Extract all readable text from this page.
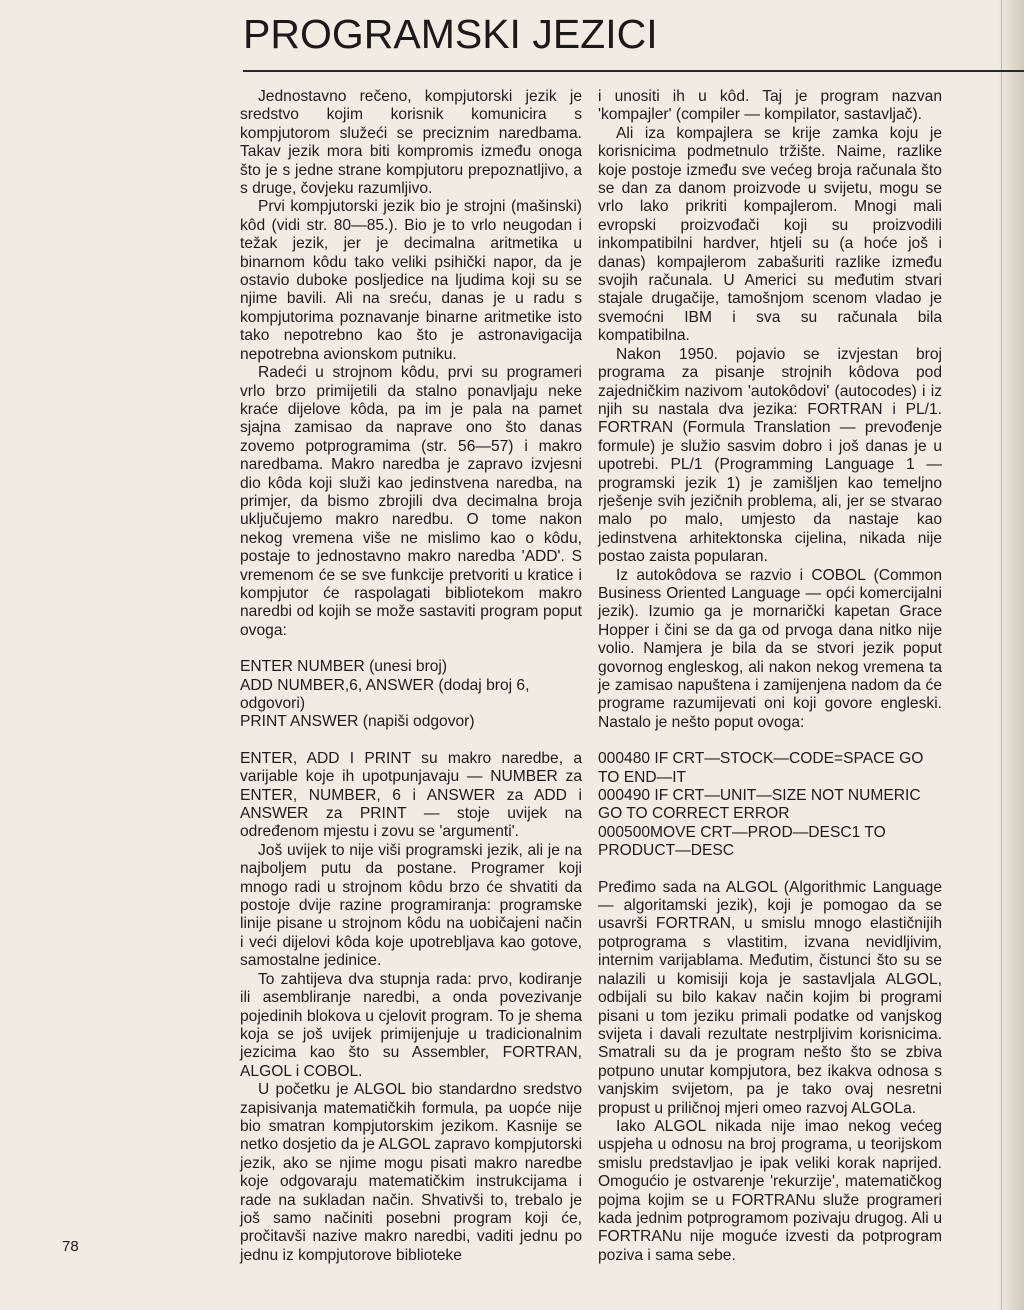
PROGRAMSKI JEZICI

Jednostavno rečeno, kompjutorski jezik je sredstvo kojim korisnik komunicira s kompjutorom služeći se preciznim naredbama. Takav jezik mora biti kompromis između onoga što je s jedne strane kompjutoru prepoznatljivo, a s druge, čovjeku razumljivo.

Prvi kompjutorski jezik bio je strojni (mašinski) kôd (vidi str. 80—85.). Bio je to vrlo neugodan i težak jezik, jer je decimalna aritmetika u binarnom kôdu tako veliki psihički napor, da je ostavio duboke posljedice na ljudima koji su se njime bavili. Ali na sreću, danas je u radu s kompjutorima poznavanje binarne aritmetike isto tako nepotrebno kao što je astronavigacija nepotrebna avionskom putniku.

Radeći u strojnom kôdu, prvi su programeri vrlo brzo primijetili da stalno ponavljaju neke kraće dijelove kôda, pa im je pala na pamet sjajna zamisao da naprave ono što danas zovemo potprogramima (str. 56—57) i makro naredbama. Makro naredba je zapravo izvjesni dio kôda koji služi kao jedinstvena naredba, na primjer, da bismo zbrojili dva decimalna broja uključujemo makro naredbu. O tome nakon nekog vremena više ne mislimo kao o kôdu, postaje to jednostavno makro naredba 'ADD'. S vremenom će se sve funkcije pretvoriti u kratice i kompjutor će raspolagati bibliotekom makro naredbi od kojih se može sastaviti program poput ovoga:

ENTER NUMBER (unesi broj)
ADD NUMBER,6, ANSWER (dodaj broj 6, odgovori)
PRINT ANSWER (napiši odgovor)

ENTER, ADD I PRINT su makro naredbe, a varijable koje ih upotpunjavaju — NUMBER za ENTER, NUMBER, 6 i ANSWER za ADD i ANSWER za PRINT — stoje uvijek na određenom mjestu i zovu se 'argumenti'.

Još uvijek to nije viši programski jezik, ali je na najboljem putu da postane. Programer koji mnogo radi u strojnom kôdu brzo će shvatiti da postoje dvije razine programiranja: programske linije pisane u strojnom kôdu na uobičajeni način i veći dijelovi kôda koje upotrebljava kao gotove, samostalne jedinice.

To zahtijeva dva stupnja rada: prvo, kodiranje ili asembliranje naredbi, a onda povezivanje pojedinih blokova u cjelovit program. To je shema koja se još uvijek primijenjuje u tradicionalnim jezicima kao što su Assembler, FORTRAN, ALGOL i COBOL.

U početku je ALGOL bio standardno sredstvo zapisivanja matematičkih formula, pa uopće nije bio smatran kompjutorskim jezikom. Kasnije se netko dosjetio da je ALGOL zapravo kompjutorski jezik, ako se njime mogu pisati makro naredbe koje odgovaraju matematičkim instrukcijama i rade na sukladan način. Shvativši to, trebalo je još samo načiniti posebni program koji će, pročitavši nazive makro naredbi, vaditi jednu po jednu iz kompjutorove biblioteke

i unositi ih u kôd. Taj je program nazvan 'kompajler' (compiler — kompilator, sastavljač).

Ali iza kompajlera se krije zamka koju je korisnicima podmetnulo tržište. Naime, razlike koje postoje između sve većeg broja računala što se dan za danom proizvode u svijetu, mogu se vrlo lako prikriti kompajlerom. Mnogi mali evropski proizvođači koji su proizvodili inkompatibilni hardver, htjeli su (a hoće još i danas) kompajlerom zabašuriti razlike između svojih računala. U Americi su međutim stvari stajale drugačije, tamošnjom scenom vladao je svemoćni IBM i sva su računala bila kompatibilna.

Nakon 1950. pojavio se izvjestan broj programa za pisanje strojnih kôdova pod zajedničkim nazivom 'autokôdovi' (autocodes) i iz njih su nastala dva jezika: FORTRAN i PL/1. FORTRAN (Formula Translation — prevođenje formule) je služio sasvim dobro i još danas je u upotrebi. PL/1 (Programming Language 1 — programski jezik 1) je zamišljen kao temeljno rješenje svih jezičnih problema, ali, jer se stvarao malo po malo, umjesto da nastaje kao jedinstvena arhitektonska cijelina, nikada nije postao zaista popularan.

Iz autokôdova se razvio i COBOL (Common Business Oriented Language — opći komercijalni jezik). Izumio ga je mornarički kapetan Grace Hopper i čini se da ga od prvoga dana nitko nije volio. Namjera je bila da se stvori jezik poput govornog engleskog, ali nakon nekog vremena ta je zamisao napuštena i zamijenjena nadom da će programe razumijevati oni koji govore engleski. Nastalo je nešto poput ovoga:

000480 IF CRT—STOCK—CODE=SPACE GO TO END—IT
000490 IF CRT—UNIT—SIZE NOT NUMERIC GO TO CORRECT ERROR
000500MOVE CRT—PROD—DESC1 TO PRODUCT—DESC

Pređimo sada na ALGOL (Algorithmic Language — algoritamski jezik), koji je pomogao da se usavrši FORTRAN, u smislu mnogo elastičnijih potprograma s vlastitim, izvana nevidljivim, internim varijablama. Međutim, čistunci što su se nalazili u komisiji koja je sastavljala ALGOL, odbijali su bilo kakav način kojim bi programi pisani u tom jeziku primali podatke od vanjskog svijeta i davali rezultate nestrpljivim korisnicima. Smatrali su da je program nešto što se zbiva potpuno unutar kompjutora, bez ikakva odnosa s vanjskim svijetom, pa je tako ovaj nesretni propust u priličnoj mjeri omeo razvoj ALGOLa.

Iako ALGOL nikada nije imao nekog većeg uspjeha u odnosu na broj programa, u teorijskom smislu predstavljao je ipak veliki korak naprijed. Omogućio je ostvarenje 'rekurzije', matematičkog pojma kojim se u FORTRANu služe programeri kada jednim potprogramom pozivaju drugog. Ali u FORTRANu nije moguće izvesti da potprogram poziva i sama sebe.

78
